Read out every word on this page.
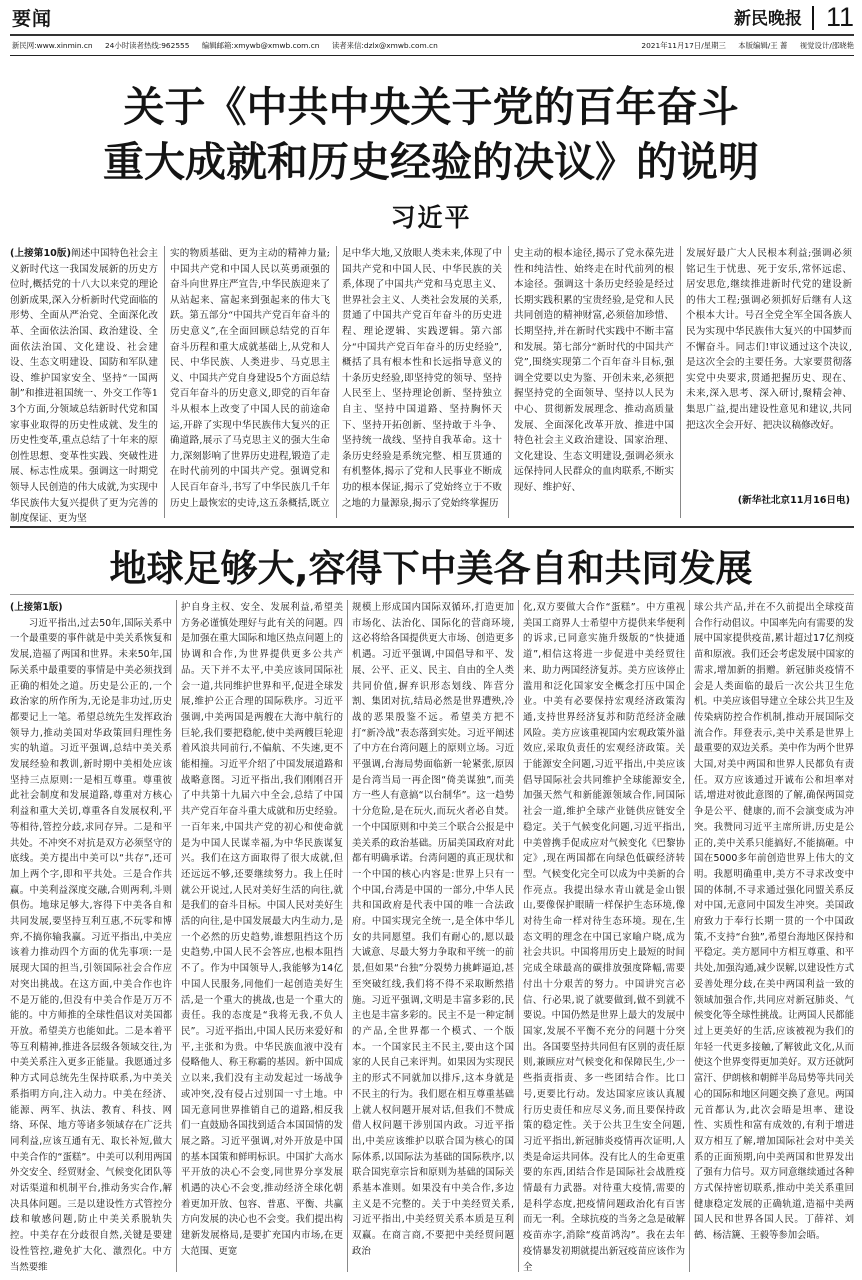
要闻	新民晚报 11
新民网:www.xinmin.cn 24小时读者热线:962555 编辑邮箱:xmywb@xmwb.com.cn 读者来信:dzlx@xmwb.com.cn	2021年11月17日/星期三 本版编辑/王 蔷 视觉设计/邵晓艳
关于《中共中央关于党的百年奋斗
重大成就和历史经验的决议》的说明
习近平
(上接第10版)阐述中国特色社会主义新时代这一我国发展新的历史方位时,概括党的十八大以来党的理论创新成果,深入分析新时代党面临的形势、全面从严治党、全面深化改革、全面依法治国、政治建设、全面依法治国、文化建设、社会建设、生态文明建设、国防和军队建设、维护国家安全、坚持“一国两制”和推进祖国统一、外交工作等13个方面,分领域总结新时代党和国家事业取得的历史性成就、发生的历史性变革,重点总结了十年来的原创性思想、变革性实践、突破性进展、标志性成果。强调这一时期党领导人民创造的伟大成就,为实现中华民族伟大复兴提供了更为完善的制度保证、更为坚

实的物质基础、更为主动的精神力量;中国共产党和中国人民以英勇顽强的奋斗向世界庄严宣告,中华民族迎来了从站起来、富起来到强起来的伟大飞跃。第五部分“中国共产党百年奋斗的历史意义”,在全面回顾总结党的百年奋斗历程和重大成就基础上,从党和人民、中华民族、人类进步、马克思主义、中国共产党自身建设5个方面总结党百年奋斗的历史意义,即党的百年奋斗从根本上改变了中国人民的前途命运,开辟了实现中华民族伟大复兴的正确道路,展示了马克思主义的强大生命力,深刻影响了世界历史进程,锻造了走在时代前列的中国共产党。强调党和人民百年奋斗,书写了中华民族几千年历史上最恢宏的史诗,这五条概括,既立

足中华大地,又放眼人类未来,体现了中国共产党和中国人民、中华民族的关系,体现了中国共产党和马克思主义、世界社会主义、人类社会发展的关系,贯通了中国共产党百年奋斗的历史进程、理论逻辑、实践逻辑。第六部分“中国共产党百年奋斗的历史经验”,概括了具有根本性和长远指导意义的十条历史经验,即坚持党的领导、坚持人民至上、坚持理论创新、坚持独立自主、坚持中国道路、坚持胸怀天下、坚持开拓创新、坚持敢于斗争、坚持统一战线、坚持自我革命。这十条历史经验是系统完整、相互贯通的有机整体,揭示了党和人民事业不断成功的根本保证,揭示了党始终立于不败之地的力量源泉,揭示了党始终掌握历

史主动的根本途径,揭示了党永葆先进性和纯洁性、始终走在时代前列的根本途径。强调这十条历史经验是经过长期实践积累的宝贵经验,是党和人民共同创造的精神财富,必须倍加珍惜、长期坚持,并在新时代实践中不断丰富和发展。第七部分“新时代的中国共产党”,围绕实现第二个百年奋斗目标,强调全党要以史为鉴、开创未来,必须把握坚持党的全面领导、坚持以人民为中心、贯彻新发展理念、推动高质量发展、全面深化改革开放、推进中国特色社会主义政治建设、国家治理、文化建设、生态文明建设,强调必须永远保持同人民群众的血肉联系,不断实现好、维护好、

发展好最广大人民根本利益;强调必须铭记生于忧患、死于安乐,常怀远虑、居安思危,继续推进新时代党的建设新的伟大工程;强调必须抓好后继有人这个根本大计。号召全党全军全国各族人民为实现中华民族伟大复兴的中国梦而不懈奋斗。同志们!审议通过这个决议,是这次全会的主要任务。大家要贯彻落实党中央要求,贯通把握历史、现在、未来,深入思考、深入研讨,聚精会神、集思广益,提出建设性意见和建议,共同把这次全会开好、把决议稿修改好。

(新华社北京11月16日电)
地球足够大,容得下中美各自和共同发展
(上接第1版)

习近平指出,过去50年,国际关系中一个最重要的事件就是中美关系恢复和发展,造福了两国和世界。未来50年,国际关系中最重要的事情是中美必须找到正确的相处之道。历史是公正的,一个政治家的所作所为,无论是非功过,历史都要记上一笔。希望总统先生发挥政治领导力,推动美国对华政策回归理性务实的轨道。习近平强调,总结中美关系发展经验和教训,新时期中美相处应该坚持三点原则:一是相互尊重。尊重彼此社会制度和发展道路,尊重对方核心利益和重大关切,尊重各自发展权利,平等相待,管控分歧,求同存异。二是和平共处。不冲突不对抗是双方必须坚守的底线。美方提出中美可以“共存”,还可加上两个字,即和平共处。三是合作共赢。中美利益深度交融,合则两利,斗则俱伤。地球足够大,容得下中美各自和共同发展,要坚持互利互惠,不玩零和博弈,不搞你输我赢。习近平指出,中美应该着力推动四个方面的优先事项:一是展现大国的担当,引领国际社会合作应对突出挑战。在这方面,中美合作也许不是万能的,但没有中美合作是万万不能的。中方师推的全球性倡议对美国都开放。希望美方也能如此。二是本着平等互利精神,推进各层级各领域交往,为中美关系注入更多正能量。我愿通过多种方式同总统先生保持联系,为中美关系指明方向,注入动力。中美在经济、能源、两军、执法、教育、科技、网络、环保、地方等诸多领域存在广泛共同利益,应该互通有无、取长补短,做大中美合作的“蛋糕”。中美可以利用两国外交安全、经贸财金、气候变化团队等对话渠道和机制平台,推动务实合作,解决具体问题。三是以建设性方式管控分歧和敏感问题,防止中美关系脱轨失控。中美存在分歧很自然,关键是要建设性管控,避免扩大化、激烈化。中方当然要维

护自身主权、安全、发展利益,希望美方务必谨慎处理好与此有关的问题。四是加强在重大国际和地区热点问题上的协调和合作,为世界提供更多公共产品。天下并不太平,中美应该同国际社会一道,共同维护世界和平,促进全球发展,维护公正合理的国际秩序。习近平强调,中美两国是两艘在大海中航行的巨轮,我们要把稳舵,使中美两艘巨轮迎着风浪共同前行,不偏航、不失速,更不能相撞。习近平介绍了中国发展道路和战略意图。习近平指出,我们刚刚召开了中共第十九届六中全会,总结了中国共产党百年奋斗重大成就和历史经验。一百年来,中国共产党的初心和使命就是为中国人民谋幸福,为中华民族谋复兴。我们在这方面取得了很大成就,但还远远不够,还要继续努力。我上任时就公开说过,人民对美好生活的向往,就是我们的奋斗目标。中国人民对美好生活的向往,是中国发展最大内生动力,是一个必然的历史趋势,谁想阻挡这个历史趋势,中国人民不会答应,也根本阻挡不了。作为中国领导人,我能够为14亿中国人民服务,同他们一起创造美好生活,是一个重大的挑战,也是一个重大的责任。我的态度是“我将无我,不负人民”。习近平指出,中国人民历来爱好和平,主张和为贵。中华民族血液中没有侵略他人、称王称霸的基因。新中国成立以来,我们没有主动发起过一场战争或冲突,没有侵占过别国一寸土地。中国无意同世界推销自己的道路,相反我们一直鼓励各国找到适合本国国情的发展之路。习近平强调,对外开放是中国的基本国策和鲜明标识。中国扩大高水平开放的决心不会变,同世界分享发展机遇的决心不会变,推动经济全球化朝着更加开放、包容、普惠、平衡、共赢方向发展的决心也不会变。我们提出构建新发展格局,是要扩充国内市场,在更大范围、更宽

规模上形成国内国际双循环,打造更加市场化、法治化、国际化的营商环境,这必将给各国提供更大市场、创造更多机遇。习近平强调,中国倡导和平、发展、公平、正义、民主、自由的全人类共同价值,摒弃识形态划线、阵营分割、集团对抗,结局必然是世界遭殃,冷战的恶果殷鉴不远。希望美方把不打“新冷战”表态落到实处。习近平阐述了中方在台湾问题上的原则立场。习近平强调,台海局势面临新一轮紧张,原因是台湾当局一再企图“倚美谋独”,而美方一些人有意搞“以台制华”。这一趋势十分危险,是在玩火,而玩火者必自焚。一个中国原则和中美三个联合公报是中美关系的政治基础。历届美国政府对此都有明确承诺。台湾问题的真正现状和一个中国的核心内容是:世界上只有一个中国,台湾是中国的一部分,中华人民共和国政府是代表中国的唯一合法政府。中国实现完全统一,是全体中华儿女的共同愿望。我们有耐心的,愿以最大诚意、尽最大努力争取和平统一的前景,但如果“台独”分裂势力挑衅逼迫,甚至突破红线,我们将不得不采取断然措施。习近平强调,文明是丰富多彩的,民主也是丰富多彩的。民主不是一种定制的产品,全世界都一个模式、一个版本。一个国家民主不民主,要由这个国家的人民自己来评判。如果因为实现民主的形式不同就加以排斥,这本身就是不民主的行为。我们愿在相互尊重基础上就人权问题开展对话,但我们不赞成借人权问题干涉别国内政。习近平指出,中美应该维护以联合国为核心的国际体系,以国际法为基础的国际秩序,以联合国宪章宗旨和原则为基础的国际关系基本准则。如果没有中美合作,多边主义是不完整的。关于中美经贸关系,习近平指出,中美经贸关系本质是互利双赢。在商言商,不要把中美经贸问题政治

化,双方要做大合作“蛋糕”。中方重视美国工商界人士希望中方提供来华便利的诉求,已同意实施升级版的“快捷通道”,相信这将进一步促进中美经贸往来、助力两国经济复苏。美方应该停止滥用和泛化国家安全概念打压中国企业。中美有必要保持宏观经济政策沟通,支持世界经济复苏和防范经济金融风险。美方应该重视国内宏观政策外溢效应,采取负责任的宏观经济政策。关于能源安全问题,习近平指出,中美应该倡导国际社会共同维护全球能源安全,加强天然气和新能源领域合作,同国际社会一道,维护全球产业链供应链安全稳定。关于气候变化问题,习近平指出,中美曾携手促成应对气候变化《巴黎协定》,现在两国都在向绿色低碳经济转型。气候变化完全可以成为中美新的合作亮点。我提出绿水青山就是金山银山,要像保护眼睛一样保护生态环境,像对待生命一样对待生态环境。现在,生态文明的理念在中国已家喻户晓,成为社会共识。中国将用历史上最短的时间完成全球最高的碳排放强度降幅,需要付出十分艰苦的努力。中国讲究言必信、行必果,说了就要做到,做不到就不要说。中国仍然是世界上最大的发展中国家,发展不平衡不充分的问题十分突出。各国要坚持共同但有区别的责任原则,兼顾应对气候变化和保障民生,少一些指责指责、多一些团结合作。比口号,更要比行动。发达国家应该认真履行历史责任和应尽义务,而且要保持政策的稳定性。关于公共卫生安全问题,习近平指出,新冠肺炎疫情再次证明,人类是命运共同体。没有比人的生命更重要的东西,团结合作是国际社会战胜疫情最有力武器。对待重大疫情,需要的是科学态度,把疫情问题政治化有百害而无一利。全球抗疫的当务之急是破解疫苗赤字,消除“疫苗鸿沟”。我在去年疫情暴发初期就提出新冠疫苗应该作为全

球公共产品,并在不久前提出全球疫苗合作行动倡议。中国率先向有需要的发展中国家提供疫苗,累计超过17亿剂疫苗和原液。我们还会考虑发展中国家的需求,增加新的捐赠。新冠肺炎疫情不会是人类面临的最后一次公共卫生危机。中美应该倡导建立全球公共卫生及传染病防控合作机制,推动开展国际交流合作。拜登表示,美中关系是世界上最重要的双边关系。美中作为两个世界大国,对美中两国和世界人民都负有责任。双方应该通过开诚布公和坦率对话,增进对彼此意图的了解,确保两国竞争是公平、健康的,而不会演变成为冲突。我赞同习近平主席所讲,历史是公正的,美中关系只能搞好,不能搞砸。中国在5000多年前创造世界上伟大的文明。我愿明确重申,美方不寻求改变中国的体制,不寻求通过强化同盟关系反对中国,无意同中国发生冲突。美国政府致力于奉行长期一贯的一个中国政策,不支持“台独”,希望台海地区保持和平稳定。美方愿同中方相互尊重、和平共处,加强沟通,减少误解,以建设性方式妥善处理分歧,在美中两国利益一致的领域加强合作,共同应对新冠肺炎、气候变化等全球性挑战。让两国人民都能过上更美好的生活,应该被视为我们的年轻一代更多接触,了解彼此文化,从而使这个世界变得更加美好。双方还就阿富汗、伊朗核和朝鲜半岛局势等共同关心的国际和地区问题交换了意见。两国元首都认为,此次会晤是坦率、建设性、实质性和富有成效的,有利于增进双方相互了解,增加国际社会对中美关系的正面预期,向中美两国和世界发出了强有力信号。双方同意继续通过各种方式保持密切联系,推动中美关系重回健康稳定发展的正确轨道,造福中美两国人民和世界各国人民。丁薛祥、刘鹤、杨洁篪、王毅等参加会晤。
